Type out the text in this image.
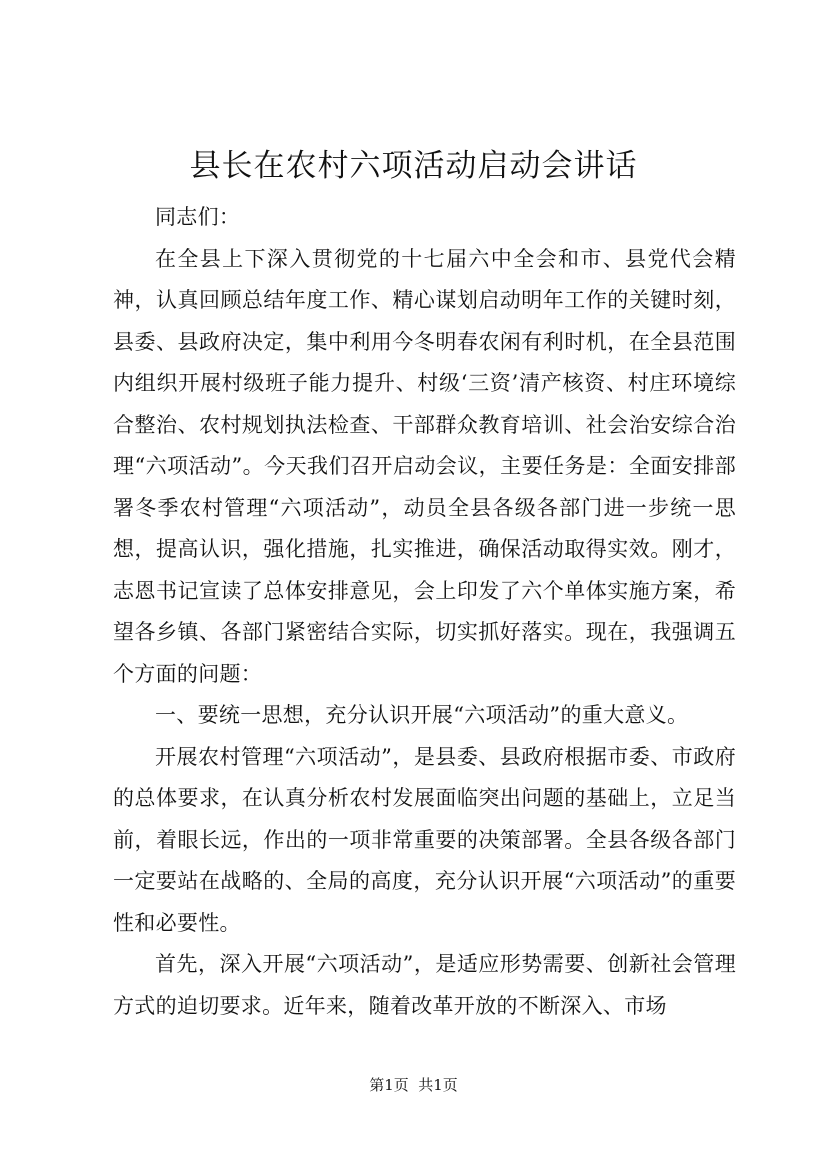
县长在农村六项活动启动会讲话

同志们：

在全县上下深入贯彻党的十七届六中全会和市、县党代会精神，认真回顾总结年度工作、精心谋划启动明年工作的关键时刻，县委、县政府决定，集中利用今冬明春农闲有利时机，在全县范围内组织开展村级班子能力提升、村级‘三资’清产核资、村庄环境综合整治、农村规划执法检查、干部群众教育培训、社会治安综合治理“六项活动”。今天我们召开启动会议，主要任务是：全面安排部署冬季农村管理“六项活动”，动员全县各级各部门进一步统一思想，提高认识，强化措施，扎实推进，确保活动取得实效。刚才，志恩书记宣读了总体安排意见，会上印发了六个单体实施方案，希望各乡镇、各部门紧密结合实际，切实抓好落实。现在，我强调五个方面的问题：

一、要统一思想，充分认识开展“六项活动”的重大意义。

开展农村管理“六项活动”，是县委、县政府根据市委、市政府的总体要求，在认真分析农村发展面临突出问题的基础上，立足当前，着眼长远，作出的一项非常重要的决策部署。全县各级各部门一定要站在战略的、全局的高度，充分认识开展“六项活动”的重要性和必要性。

首先，深入开展“六项活动”，是适应形势需要、创新社会管理方式的迫切要求。近年来，随着改革开放的不断深入、市场

第1页  共1页
